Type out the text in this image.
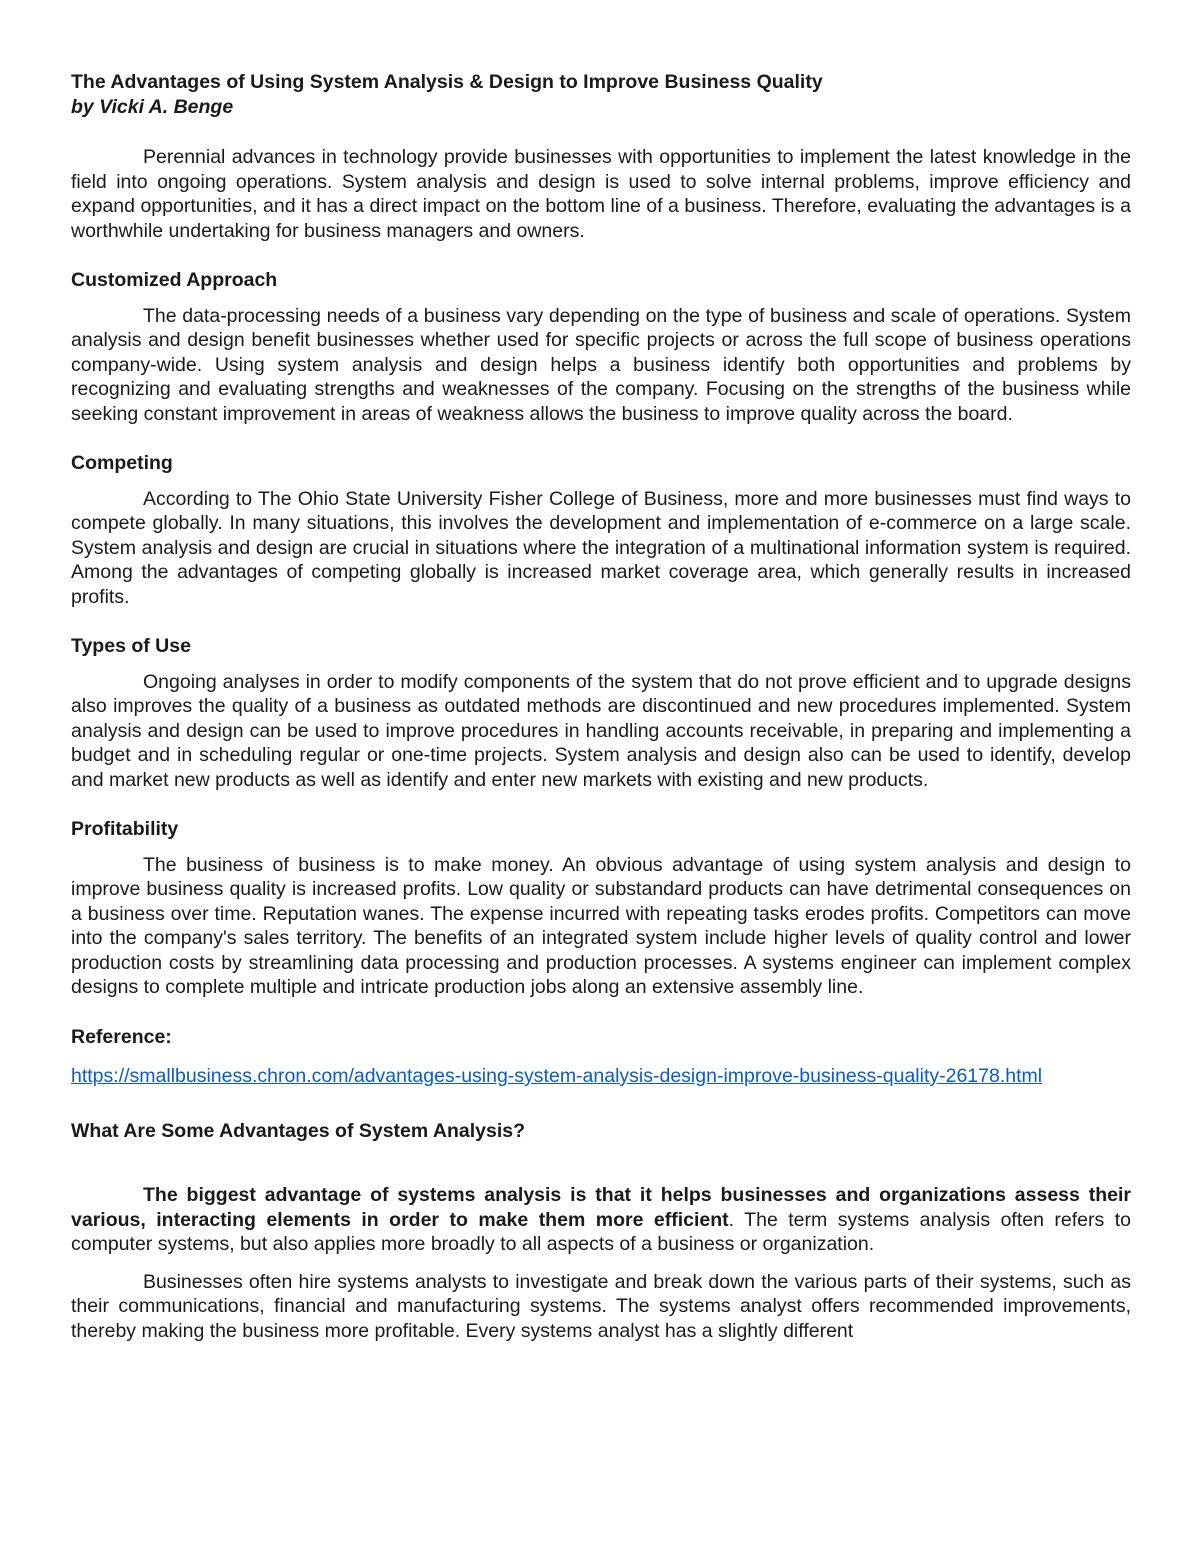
The Advantages of Using System Analysis & Design to Improve Business Quality

by Vicki A. Benge

Perennial advances in technology provide businesses with opportunities to implement the latest knowledge in the field into ongoing operations. System analysis and design is used to solve internal problems, improve efficiency and expand opportunities, and it has a direct impact on the bottom line of a business. Therefore, evaluating the advantages is a worthwhile undertaking for business managers and owners.

Customized Approach

The data-processing needs of a business vary depending on the type of business and scale of operations. System analysis and design benefit businesses whether used for specific projects or across the full scope of business operations company-wide. Using system analysis and design helps a business identify both opportunities and problems by recognizing and evaluating strengths and weaknesses of the company. Focusing on the strengths of the business while seeking constant improvement in areas of weakness allows the business to improve quality across the board.

Competing

According to The Ohio State University Fisher College of Business, more and more businesses must find ways to compete globally. In many situations, this involves the development and implementation of e-commerce on a large scale. System analysis and design are crucial in situations where the integration of a multinational information system is required. Among the advantages of competing globally is increased market coverage area, which generally results in increased profits.

Types of Use

Ongoing analyses in order to modify components of the system that do not prove efficient and to upgrade designs also improves the quality of a business as outdated methods are discontinued and new procedures implemented. System analysis and design can be used to improve procedures in handling accounts receivable, in preparing and implementing a budget and in scheduling regular or one-time projects. System analysis and design also can be used to identify, develop and market new products as well as identify and enter new markets with existing and new products.

Profitability

The business of business is to make money. An obvious advantage of using system analysis and design to improve business quality is increased profits. Low quality or substandard products can have detrimental consequences on a business over time. Reputation wanes. The expense incurred with repeating tasks erodes profits. Competitors can move into the company's sales territory. The benefits of an integrated system include higher levels of quality control and lower production costs by streamlining data processing and production processes. A systems engineer can implement complex designs to complete multiple and intricate production jobs along an extensive assembly line.

Reference:

https://smallbusiness.chron.com/advantages-using-system-analysis-design-improve-business-quality-26178.html

What Are Some Advantages of System Analysis?

The biggest advantage of systems analysis is that it helps businesses and organizations assess their various, interacting elements in order to make them more efficient. The term systems analysis often refers to computer systems, but also applies more broadly to all aspects of a business or organization.

Businesses often hire systems analysts to investigate and break down the various parts of their systems, such as their communications, financial and manufacturing systems. The systems analyst offers recommended improvements, thereby making the business more profitable. Every systems analyst has a slightly different
